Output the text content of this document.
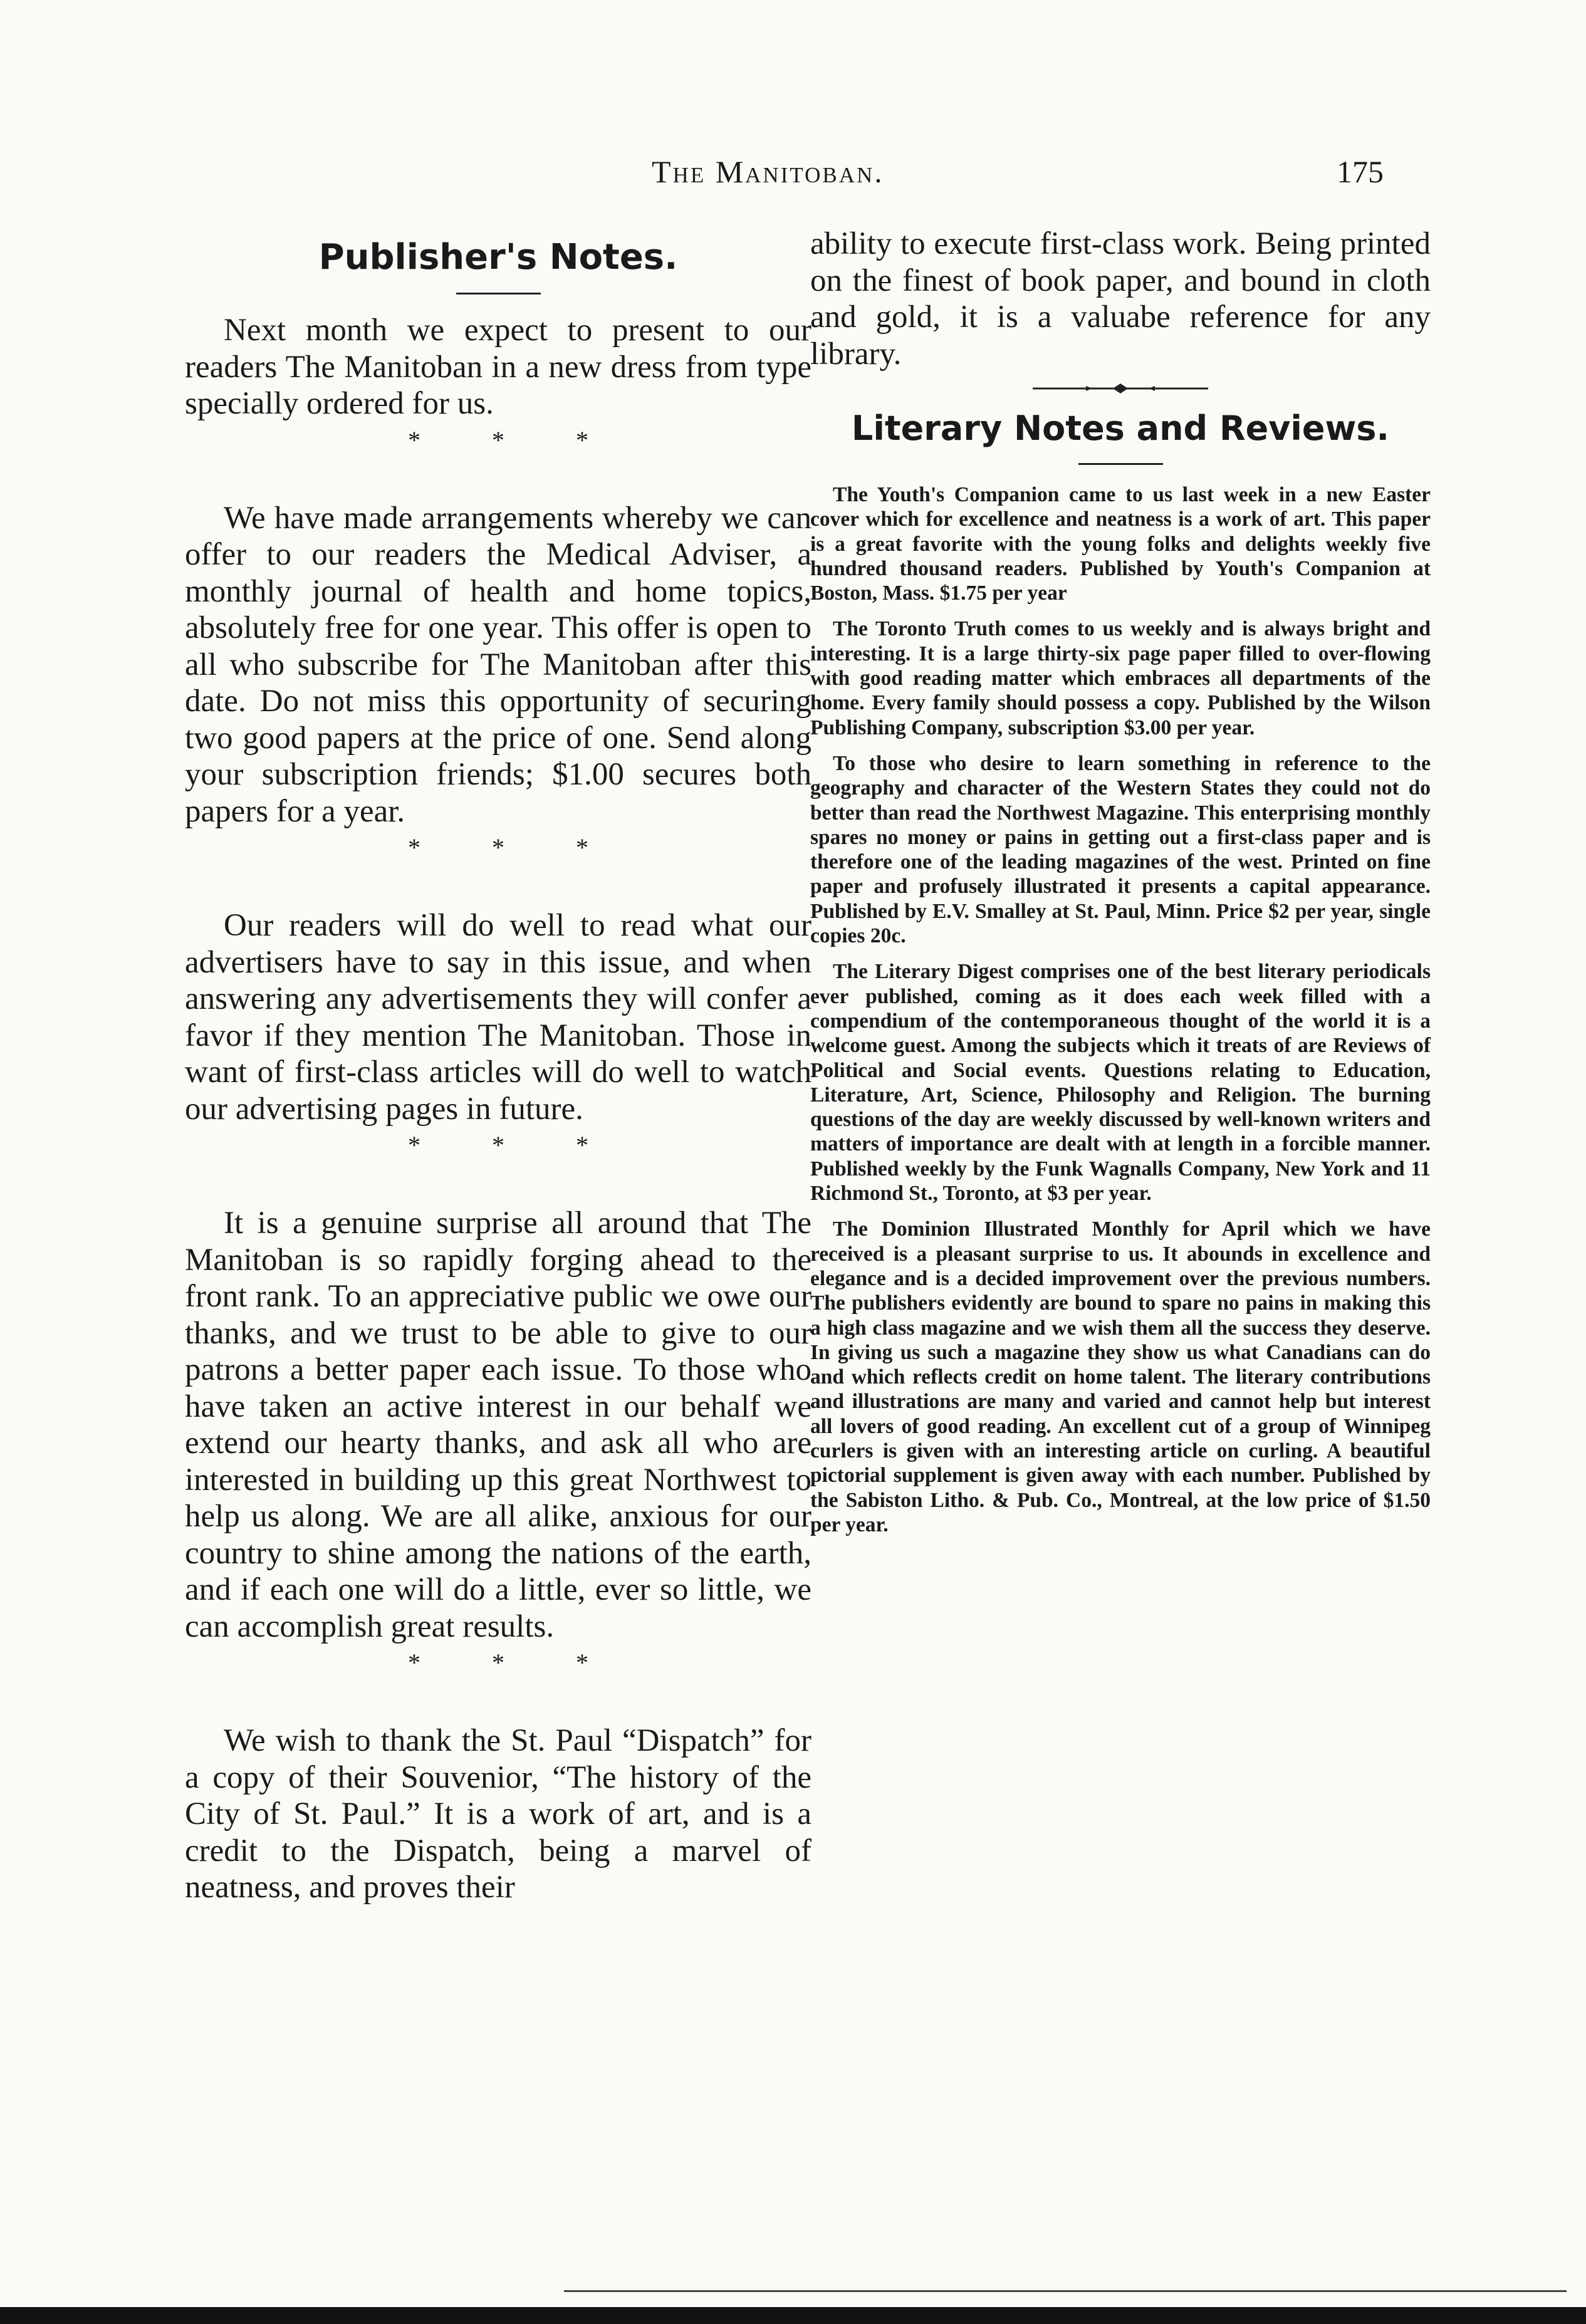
The Manitoban.	175
Publisher's Notes.

Next month we expect to present to our readers The Manitoban in a new dress from type specially ordered for us.

* * *

We have made arrangements whereby we can offer to our readers the Medical Adviser, a monthly journal of health and home topics, absolutely free for one year. This offer is open to all who subscribe for The Manitoban after this date. Do not miss this opportunity of securing two good papers at the price of one. Send along your subscription friends; $1.00 secures both papers for a year.

* * *

Our readers will do well to read what our advertisers have to say in this issue, and when answering any advertisements they will confer a favor if they mention The Manitoban. Those in want of first-class articles will do well to watch our advertising pages in future.

* * *

It is a genuine surprise all around that The Manitoban is so rapidly forging ahead to the front rank. To an appreciative public we owe our thanks, and we trust to be able to give to our patrons a better paper each issue. To those who have taken an active interest in our behalf we extend our hearty thanks, and ask all who are interested in building up this great Northwest to help us along. We are all alike, anxious for our country to shine among the nations of the earth, and if each one will do a little, ever so little, we can accomplish great results.

* * *

We wish to thank the St. Paul “Dispatch” for a copy of their Souvenior, “The history of the City of St. Paul.” It is a work of art, and is a credit to the Dispatch, being a marvel of neatness, and proves their

ability to execute first-class work. Being printed on the finest of book paper, and bound in cloth and gold, it is a valuabe reference for any library.

Literary Notes and Reviews.

The Youth's Companion came to us last week in a new Easter cover which for excellence and neatness is a work of art. This paper is a great favorite with the young folks and delights weekly five hundred thousand readers. Published by Youth's Companion at Boston, Mass. $1.75 per year

The Toronto Truth comes to us weekly and is always bright and interesting. It is a large thirty-six page paper filled to over-flowing with good reading matter which embraces all departments of the home. Every family should possess a copy. Published by the Wilson Publishing Company, subscription $3.00 per year.

To those who desire to learn something in reference to the geography and character of the Western States they could not do better than read the Northwest Magazine. This enterprising monthly spares no money or pains in getting out a first-class paper and is therefore one of the leading magazines of the west. Printed on fine paper and profusely illustrated it presents a capital appearance. Published by E.V. Smalley at St. Paul, Minn. Price $2 per year, single copies 20c.

The Literary Digest comprises one of the best literary periodicals ever published, coming as it does each week filled with a compendium of the contemporaneous thought of the world it is a welcome guest. Among the subjects which it treats of are Reviews of Political and Social events. Questions relating to Education, Literature, Art, Science, Philosophy and Religion. The burning questions of the day are weekly discussed by well-known writers and matters of importance are dealt with at length in a forcible manner. Published weekly by the Funk Wagnalls Company, New York and 11 Richmond St., Toronto, at $3 per year.

The Dominion Illustrated Monthly for April which we have received is a pleasant surprise to us. It abounds in excellence and elegance and is a decided improvement over the previous numbers. The publishers evidently are bound to spare no pains in making this a high class magazine and we wish them all the success they deserve. In giving us such a magazine they show us what Canadians can do and which reflects credit on home talent. The literary contributions and illustrations are many and varied and cannot help but interest all lovers of good reading. An excellent cut of a group of Winnipeg curlers is given with an interesting article on curling. A beautiful pictorial supplement is given away with each number. Published by the Sabiston Litho. & Pub. Co., Montreal, at the low price of $1.50 per year.
